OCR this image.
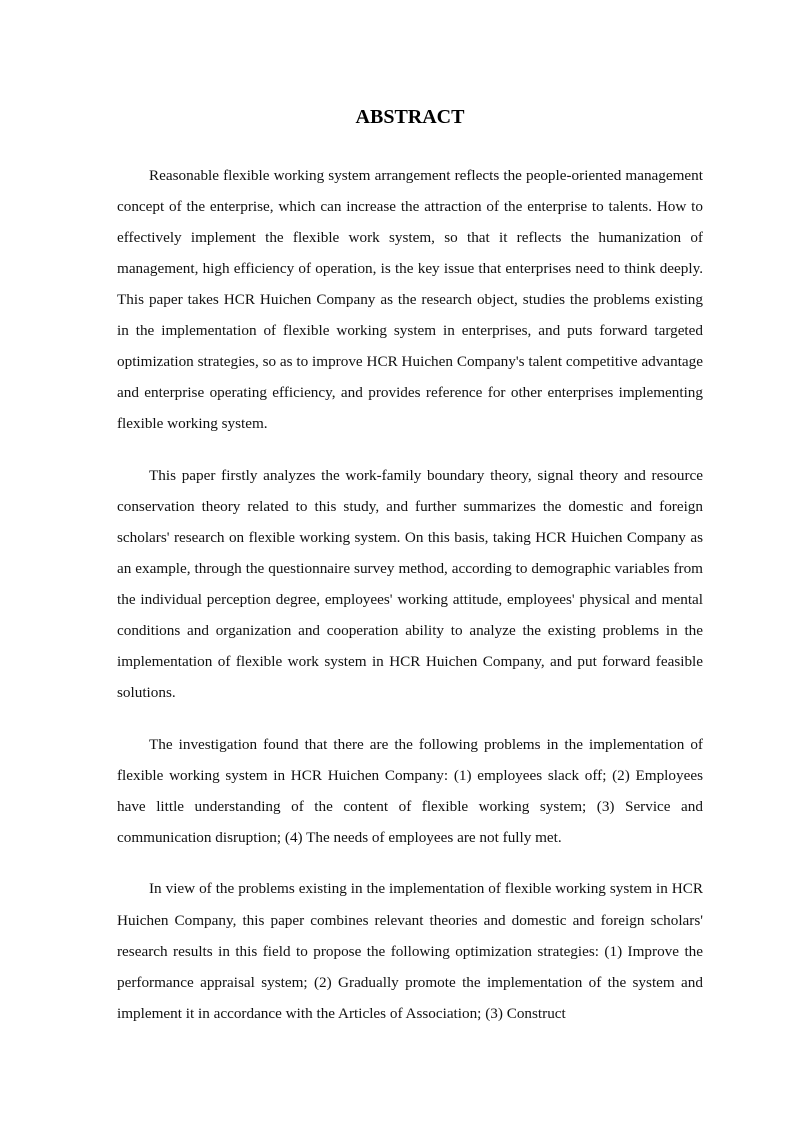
ABSTRACT

Reasonable flexible working system arrangement reflects the people-oriented management concept of the enterprise, which can increase the attraction of the enterprise to talents. How to effectively implement the flexible work system, so that it reflects the humanization of management, high efficiency of operation, is the key issue that enterprises need to think deeply. This paper takes HCR Huichen Company as the research object, studies the problems existing in the implementation of flexible working system in enterprises, and puts forward targeted optimization strategies, so as to improve HCR Huichen Company's talent competitive advantage and enterprise operating efficiency, and provides reference for other enterprises implementing flexible working system.

This paper firstly analyzes the work-family boundary theory, signal theory and resource conservation theory related to this study, and further summarizes the domestic and foreign scholars' research on flexible working system. On this basis, taking HCR Huichen Company as an example, through the questionnaire survey method, according to demographic variables from the individual perception degree, employees' working attitude, employees' physical and mental conditions and organization and cooperation ability to analyze the existing problems in the implementation of flexible work system in HCR Huichen Company, and put forward feasible solutions.

The investigation found that there are the following problems in the implementation of flexible working system in HCR Huichen Company: (1) employees slack off; (2) Employees have little understanding of the content of flexible working system; (3) Service and communication disruption; (4) The needs of employees are not fully met.

In view of the problems existing in the implementation of flexible working system in HCR Huichen Company, this paper combines relevant theories and domestic and foreign scholars' research results in this field to propose the following optimization strategies: (1) Improve the performance appraisal system; (2) Gradually promote the implementation of the system and implement it in accordance with the Articles of Association; (3) Construct
